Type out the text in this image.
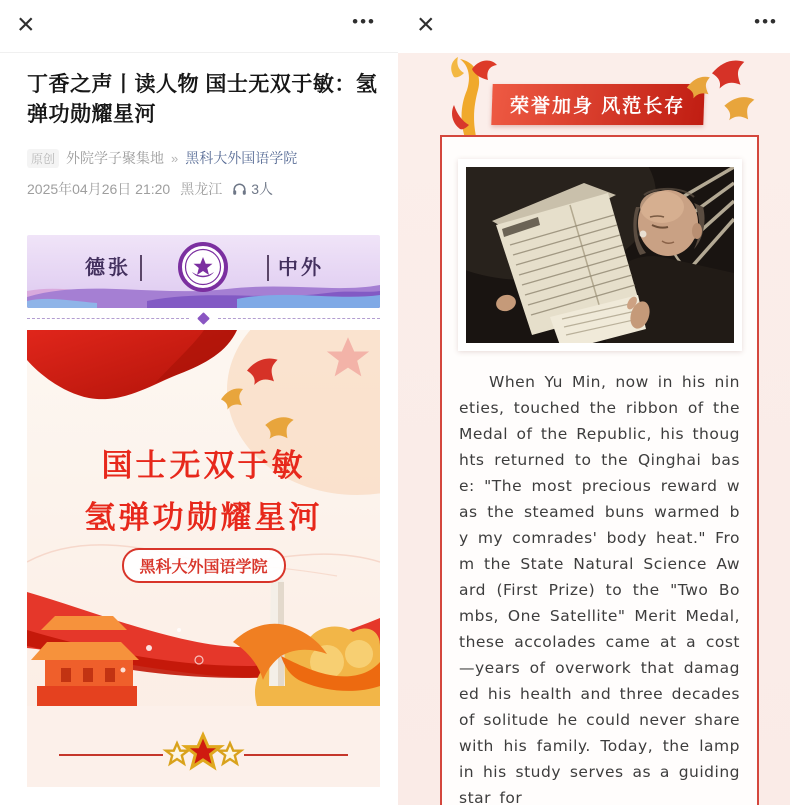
×	•••
丁香之声丨读人物 国士无双于敏：氢弹功勋耀星河
原创 外院学子聚集地 » 黑科大外国语学院
2025年04月26日 21:20 黑龙江 3人
德张	中外
国士无双于敏
氢弹功勋耀星河
黑科大外国语学院
×	•••
荣誉加身 风范长存

When Yu Min, now in his nineties, touched the ribbon of the Medal of the Republic, his thoughts returned to the Qinghai base: "The most precious reward was the steamed buns warmed by my comrades' body heat." From the State Natural Science Award (First Prize) to the "Two Bombs, One Satellite" Merit Medal, these accolades came at a cost—years of overwork that damaged his health and three decades of solitude he could never share with his family. Today, the lamp in his study serves as a guiding star for
